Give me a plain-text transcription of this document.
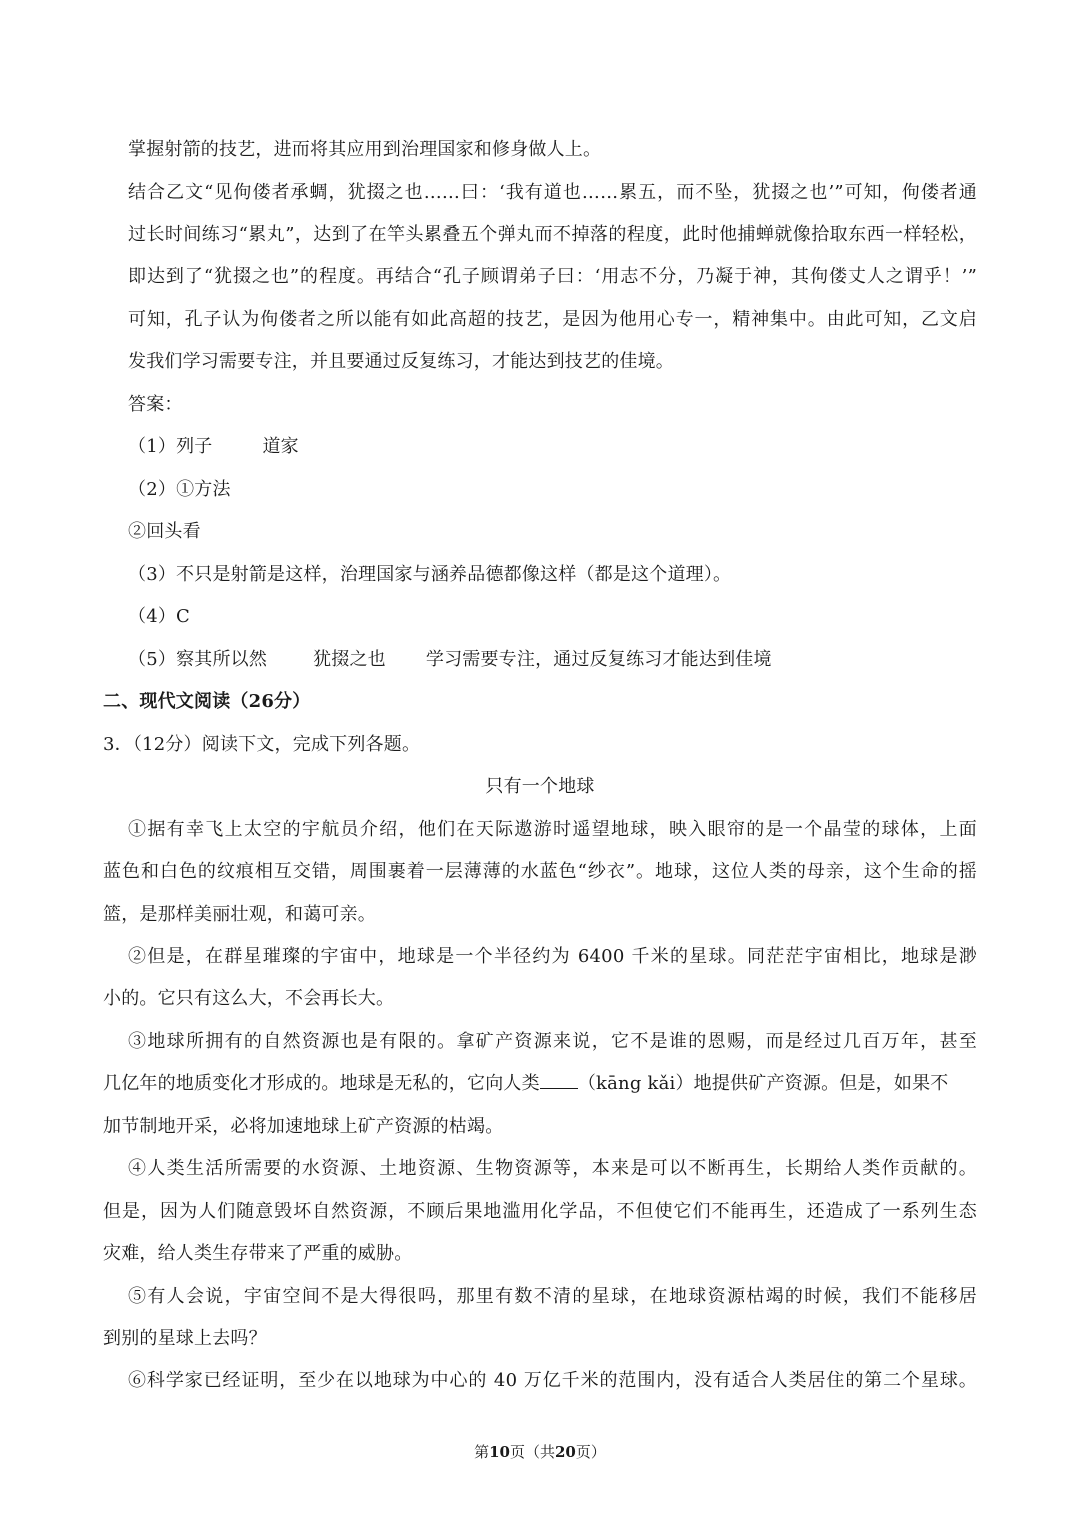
掌握射箭的技艺，进而将其应用到治理国家和修身做人上。
结合乙文“见佝偻者承蜩，犹掇之也……曰：‘我有道也……累五，而不坠，犹掇之也’”可知，佝偻者通
过长时间练习“累丸”，达到了在竿头累叠五个弹丸而不掉落的程度，此时他捕蝉就像拾取东西一样轻松，
即达到了“犹掇之也”的程度。再结合“孔子顾谓弟子曰：‘用志不分，乃凝于神，其佝偻丈人之谓乎！’”
可知，孔子认为佝偻者之所以能有如此高超的技艺，是因为他用心专一，精神集中。由此可知，乙文启
发我们学习需要专注，并且要通过反复练习，才能达到技艺的佳境。
答案：
（1）列子	道家
（2）①方法
②回头看
（3）不只是射箭是这样，治理国家与涵养品德都像这样（都是这个道理）。
（4）C
（5）察其所以然	犹掇之也 学习需要专注，通过反复练习才能达到佳境
二、现代文阅读（26分）
3．（12分）阅读下文，完成下列各题。
只有一个地球
①据有幸飞上太空的宇航员介绍，他们在天际遨游时遥望地球，映入眼帘的是一个晶莹的球体，上面
蓝色和白色的纹痕相互交错，周围裹着一层薄薄的水蓝色“纱衣”。地球，这位人类的母亲，这个生命的摇
篮，是那样美丽壮观，和蔼可亲。
②但是，在群星璀璨的宇宙中，地球是一个半径约为 6400 千米的星球。同茫茫宇宙相比，地球是渺
小的。它只有这么大，不会再长大。
③地球所拥有的自然资源也是有限的。拿矿产资源来说，它不是谁的恩赐，而是经过几百万年，甚至
几亿年的地质变化才形成的。地球是无私的，它向人类 （kāng kǎi）地提供矿产资源。但是，如果不
加节制地开采，必将加速地球上矿产资源的枯竭。
④人类生活所需要的水资源、土地资源、生物资源等，本来是可以不断再生，长期给人类作贡献的。
但是，因为人们随意毁坏自然资源，不顾后果地滥用化学品，不但使它们不能再生，还造成了一系列生态
灾难，给人类生存带来了严重的威胁。
⑤有人会说，宇宙空间不是大得很吗，那里有数不清的星球，在地球资源枯竭的时候，我们不能移居
到别的星球上去吗？
⑥科学家已经证明，至少在以地球为中心的 40 万亿千米的范围内，没有适合人类居住的第二个星球。
第10页（共20页）
